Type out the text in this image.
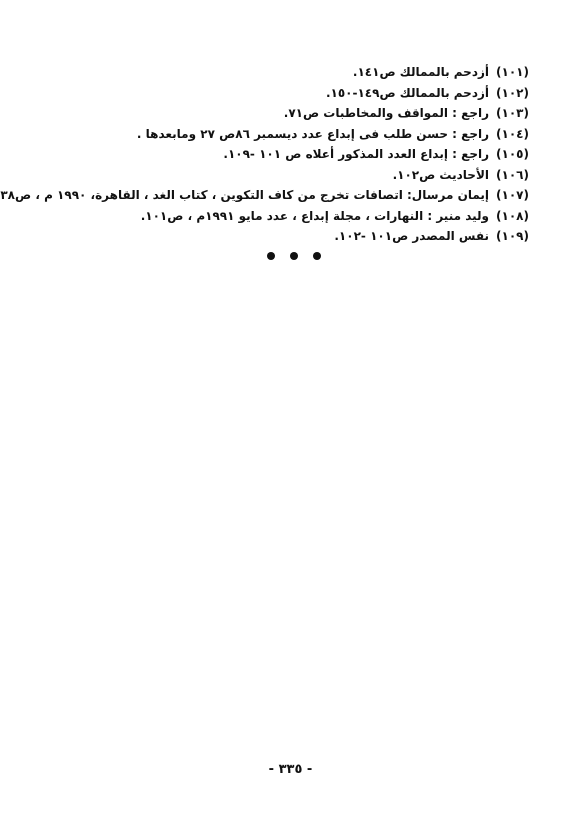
(١٠١)
أزدحم بالممالك ص١٤١.
(١٠٢)
أزدحم بالممالك ص١٤٩-١٥٠.
(١٠٣)
راجع : المواقف والمخاطبات ص٧١.
(١٠٤)
راجع : حسن طلب فى إبداع عدد ديسمبر ٨٦ص ٢٧ ومابعدها .
(١٠٥)
راجع : إبداع العدد المذكور أعلاه ص ١٠١ -١٠٩.
(١٠٦)
الأحاديث ص١٠٢.
(١٠٧)
إيمان مرسال: اتصافات تخرج من كاف التكوين ، كتاب الغد ، القاهرة، ١٩٩٠ م ، ص٣٨
(١٠٨)
وليد منير : النهارات ، مجلة إبداع ، عدد مايو ١٩٩١م ، ص١٠١.
(١٠٩)
نفس المصدر ص١٠١ -١٠٢.
- ٣٣٥ -
